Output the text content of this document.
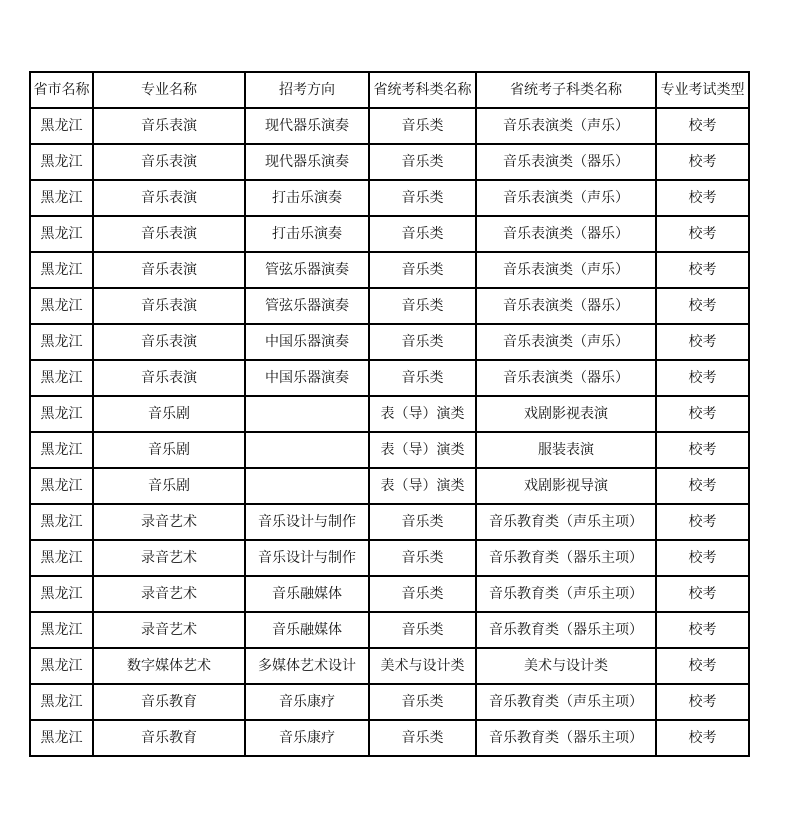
省市名称	专业名称	招考方向	省统考科类名称	省统考子科类名称	专业考试类型
黑龙江	音乐表演	现代器乐演奏	音乐类	音乐表演类（声乐）	校考
黑龙江	音乐表演	现代器乐演奏	音乐类	音乐表演类（器乐）	校考
黑龙江	音乐表演	打击乐演奏	音乐类	音乐表演类（声乐）	校考
黑龙江	音乐表演	打击乐演奏	音乐类	音乐表演类（器乐）	校考
黑龙江	音乐表演	管弦乐器演奏	音乐类	音乐表演类（声乐）	校考
黑龙江	音乐表演	管弦乐器演奏	音乐类	音乐表演类（器乐）	校考
黑龙江	音乐表演	中国乐器演奏	音乐类	音乐表演类（声乐）	校考
黑龙江	音乐表演	中国乐器演奏	音乐类	音乐表演类（器乐）	校考
黑龙江	音乐剧		表（导）演类	戏剧影视表演	校考
黑龙江	音乐剧		表（导）演类	服装表演	校考
黑龙江	音乐剧		表（导）演类	戏剧影视导演	校考
黑龙江	录音艺术	音乐设计与制作	音乐类	音乐教育类（声乐主项）	校考
黑龙江	录音艺术	音乐设计与制作	音乐类	音乐教育类（器乐主项）	校考
黑龙江	录音艺术	音乐融媒体	音乐类	音乐教育类（声乐主项）	校考
黑龙江	录音艺术	音乐融媒体	音乐类	音乐教育类（器乐主项）	校考
黑龙江	数字媒体艺术	多媒体艺术设计	美术与设计类	美术与设计类	校考
黑龙江	音乐教育	音乐康疗	音乐类	音乐教育类（声乐主项）	校考
黑龙江	音乐教育	音乐康疗	音乐类	音乐教育类（器乐主项）	校考
